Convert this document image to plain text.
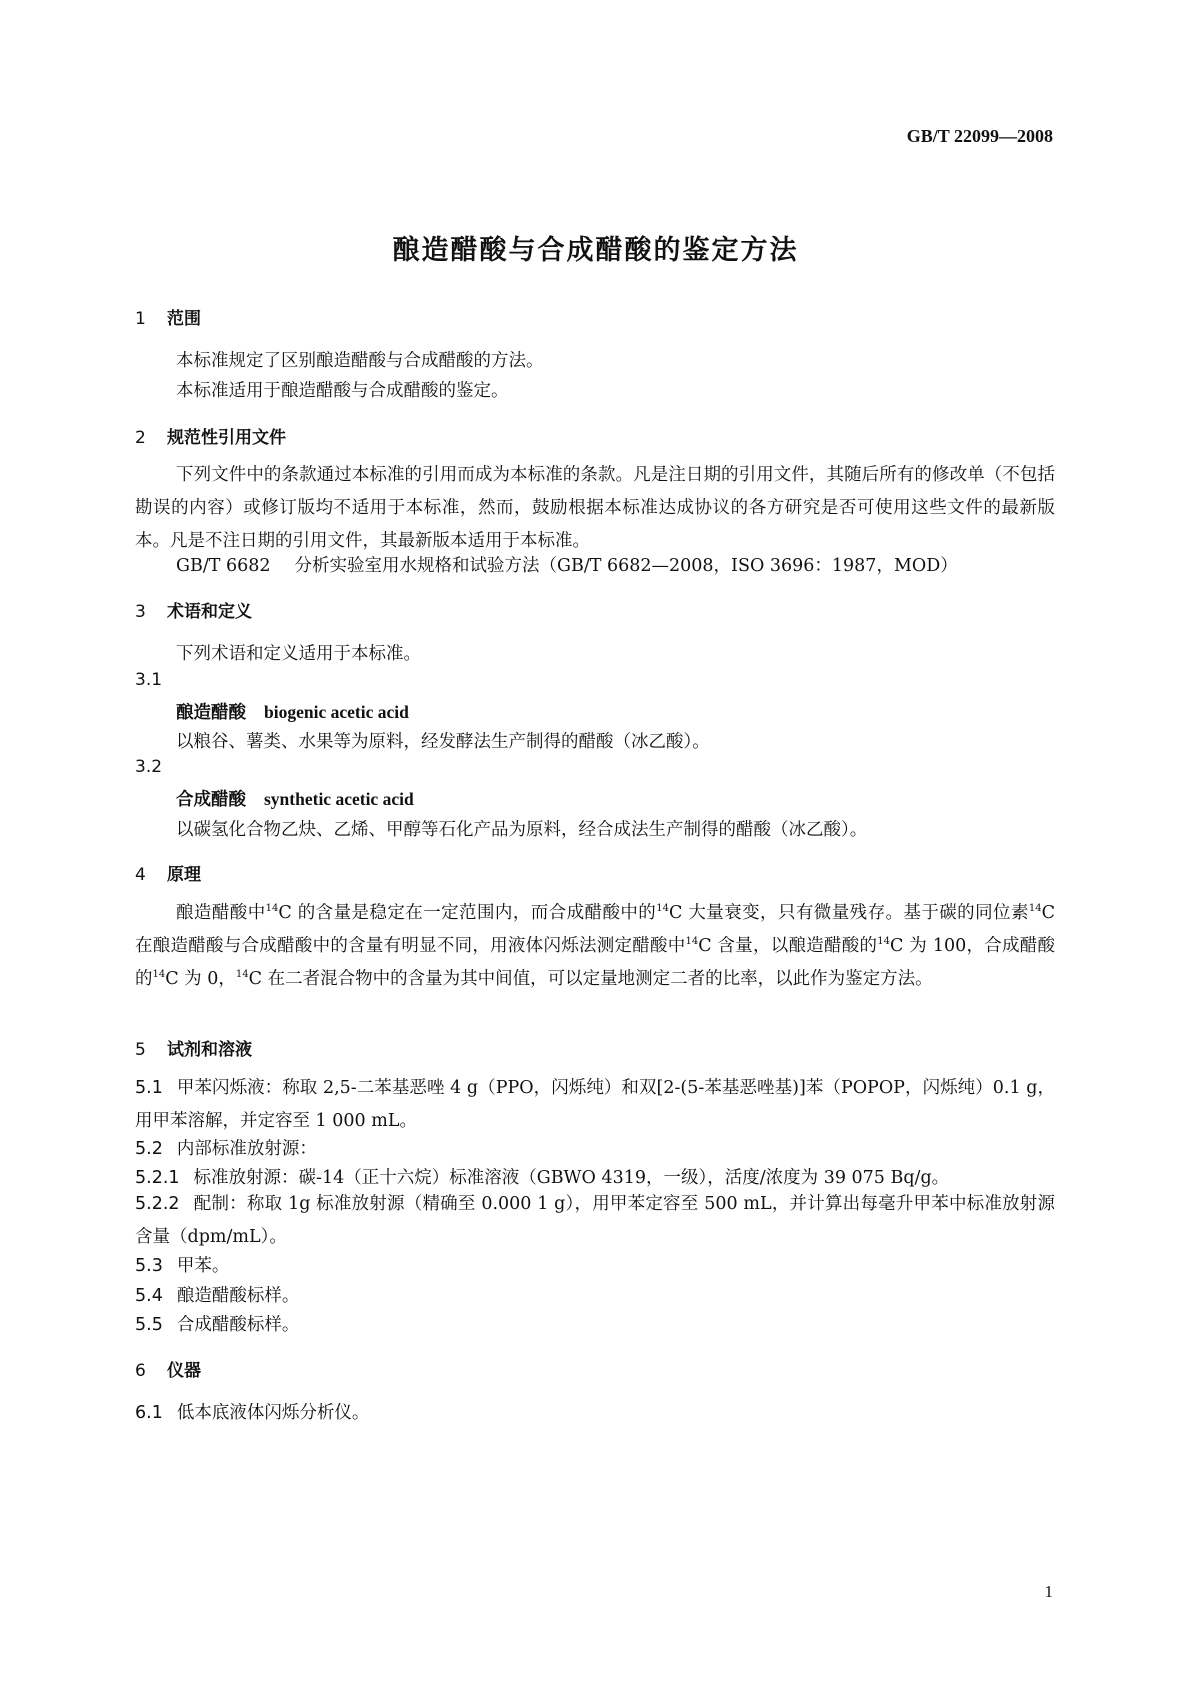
GB/T 22099—2008
酿造醋酸与合成醋酸的鉴定方法
1 范围
本标准规定了区别酿造醋酸与合成醋酸的方法。
本标准适用于酿造醋酸与合成醋酸的鉴定。
2 规范性引用文件
下列文件中的条款通过本标准的引用而成为本标准的条款。凡是注日期的引用文件，其随后所有的修改单（不包括勘误的内容）或修订版均不适用于本标准，然而，鼓励根据本标准达成协议的各方研究是否可使用这些文件的最新版本。凡是不注日期的引用文件，其最新版本适用于本标准。
GB/T 6682 分析实验室用水规格和试验方法（GB/T 6682—2008，ISO 3696：1987，MOD）
3 术语和定义
下列术语和定义适用于本标准。
3.1
酿造醋酸 biogenic acetic acid
以粮谷、薯类、水果等为原料，经发酵法生产制得的醋酸（冰乙酸）。
3.2
合成醋酸 synthetic acetic acid
以碳氢化合物乙炔、乙烯、甲醇等石化产品为原料，经合成法生产制得的醋酸（冰乙酸）。
4 原理
酿造醋酸中$^{14}$C 的含量是稳定在一定范围内，而合成醋酸中的$^{14}$C 大量衰变，只有微量残存。基于碳的同位素$^{14}$C 在酿造醋酸与合成醋酸中的含量有明显不同，用液体闪烁法测定醋酸中$^{14}$C 含量，以酿造醋酸的$^{14}$C 为 100，合成醋酸的$^{14}$C 为 0，$^{14}$C 在二者混合物中的含量为其中间值，可以定量地测定二者的比率，以此作为鉴定方法。
5 试剂和溶液
5.1 甲苯闪烁液：称取 2,5-二苯基恶唑 4 g（PPO，闪烁纯）和双[2-(5-苯基恶唑基)]苯（POPOP，闪烁纯）0.1 g，用甲苯溶解，并定容至 1 000 mL。
5.2 内部标准放射源：
5.2.1 标准放射源：碳-14（正十六烷）标准溶液（GBWO 4319，一级），活度/浓度为 39 075 Bq/g。
5.2.2 配制：称取 1g 标准放射源（精确至 0.000 1 g），用甲苯定容至 500 mL，并计算出每毫升甲苯中标准放射源含量（dpm/mL）。
5.3 甲苯。
5.4 酿造醋酸标样。
5.5 合成醋酸标样。
6 仪器
6.1 低本底液体闪烁分析仪。
1
